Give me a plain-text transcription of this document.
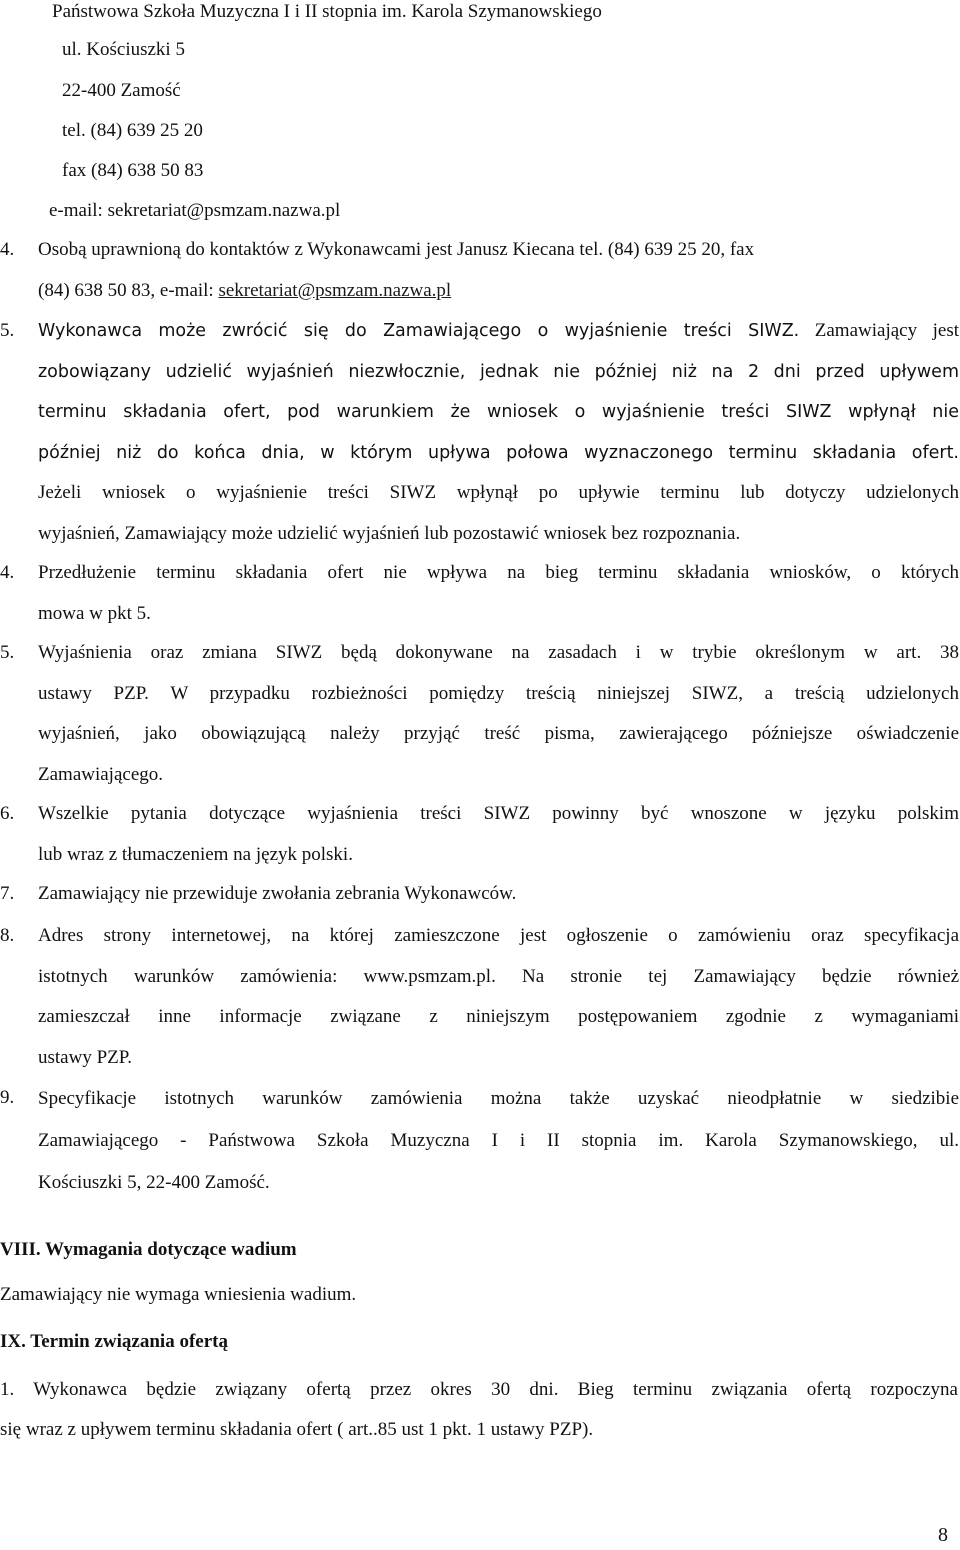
Państwowa Szkoła Muzyczna I i II stopnia im. Karola Szymanowskiego
ul. Kościuszki 5
22-400 Zamość
tel. (84) 639 25 20
fax (84) 638 50 83
e-mail: sekretariat@psmzam.nazwa.pl
4. Osobą uprawnioną do kontaktów z Wykonawcami jest Janusz Kiecana tel. (84) 639 25 20, fax
(84) 638 50 83, e-mail: sekretariat@psmzam.nazwa.pl
5. Wykonawca może zwrócić się do Zamawiającego o wyjaśnienie treści SIWZ. Zamawiający jest
zobowiązany udzielić wyjaśnień niezwłocznie, jednak nie później niż na 2 dni przed upływem
terminu składania ofert, pod warunkiem że wniosek o wyjaśnienie treści SIWZ wpłynął nie
później niż do końca dnia, w którym upływa połowa wyznaczonego terminu składania ofert.
Jeżeli wniosek o wyjaśnienie treści SIWZ wpłynął po upływie terminu lub dotyczy udzielonych
wyjaśnień, Zamawiający może udzielić wyjaśnień lub pozostawić wniosek bez rozpoznania.
4. Przedłużenie terminu składania ofert nie wpływa na bieg terminu składania wniosków, o których
mowa w pkt 5.
5. Wyjaśnienia oraz zmiana SIWZ będą dokonywane na zasadach i w trybie określonym w art. 38
ustawy PZP. W przypadku rozbieżności pomiędzy treścią niniejszej SIWZ, a treścią udzielonych
wyjaśnień, jako obowiązującą należy przyjąć treść pisma, zawierającego późniejsze oświadczenie
Zamawiającego.
6. Wszelkie pytania dotyczące wyjaśnienia treści SIWZ powinny być wnoszone w języku polskim
lub wraz z tłumaczeniem na język polski.
7. Zamawiający nie przewiduje zwołania zebrania Wykonawców.
8. Adres strony internetowej, na której zamieszczone jest ogłoszenie o zamówieniu oraz specyfikacja
istotnych warunków zamówienia: www.psmzam.pl. Na stronie tej Zamawiający będzie również
zamieszczał inne informacje związane z niniejszym postępowaniem zgodnie z wymaganiami
ustawy PZP.
9. Specyfikacje istotnych warunków zamówienia można także uzyskać nieodpłatnie w siedzibie
Zamawiającego - Państwowa Szkoła Muzyczna I i II stopnia im. Karola Szymanowskiego, ul.
Kościuszki 5, 22-400 Zamość.
VIII. Wymagania dotyczące wadium
Zamawiający nie wymaga wniesienia wadium.
IX. Termin związania ofertą
1. Wykonawca będzie związany ofertą przez okres 30 dni. Bieg terminu związania ofertą rozpoczyna
się wraz z upływem terminu składania ofert ( art..85 ust 1 pkt. 1 ustawy PZP).
8
